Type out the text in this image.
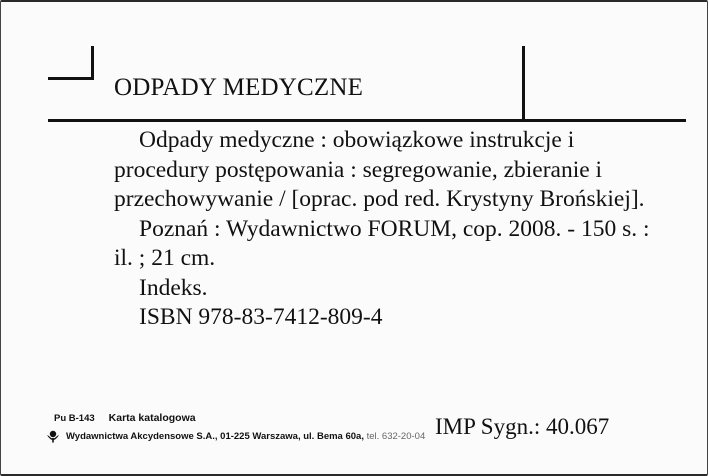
ODPADY MEDYCZNE

Odpady medyczne : obowiązkowe instrukcje i procedury postępowania : segregowanie, zbieranie i przechowywanie / [oprac. pod red. Krystyny Brońskiej].

Poznań : Wydawnictwo FORUM, cop. 2008. - 150 s. : il. ; 21 cm.

Indeks.

ISBN 978-83-7412-809-4

Pu B-143 Karta katalogowa
Wydawnictwa Akcydensowe S.A., 01-225 Warszawa, ul. Bema 60a,
tel. 632-20-04 IMP Sygn.: 40.067
